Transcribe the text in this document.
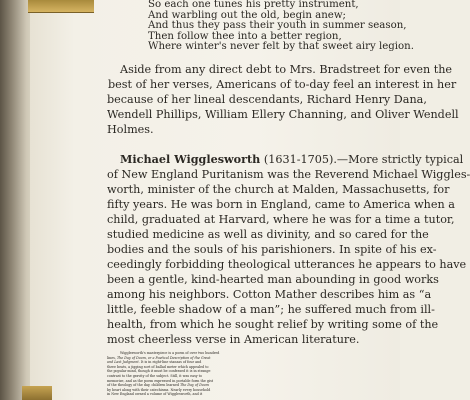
So each one tunes his pretty instrument,
And warbling out the old, begin anew;
And thus they pass their youth in summer season,
Then follow thee into a better region,
Where winter's never felt by that sweet airy legion.
Aside from any direct debt to Mrs. Bradstreet for even the
best of her verses, Americans of to-day feel an interest in her
because of her lineal descendants, Richard Henry Dana,
Wendell Phillips, William Ellery Channing, and Oliver Wendell
Holmes.
Michael Wigglesworth (1631-1705).—More strictly typical
of New England Puritanism was the Reverend Michael Wiggles-
worth, minister of the church at Malden, Massachusetts, for
fifty years. He was born in England, came to America when a
child, graduated at Harvard, where he was for a time a tutor,
studied medicine as well as divinity, and so cared for the
bodies and the souls of his parishioners. In spite of his ex-
ceedingly forbidding theological utterances he appears to have
been a gentle, kind-hearted man abounding in good works
among his neighbors. Cotton Mather describes him as “a
little, feeble shadow of a man”; he suffered much from ill-
health, from which he sought relief by writing some of the
most cheerless verse in American literature.
Wigglesworth's masterpiece is a poem of over two hundred
lines, The Day of Doom, or a Poetical Description of the Great
and Last Judgment. It is in eight-line stanzas of four and
three beats, a jigging sort of ballad meter which appealed to
the popular mind, though it must be confessed it is in strange
contrast to the gravity of the subject. Still, it was easy to
memorize, and as the poem expressed in portable form the gist
of the theology of the day, children learned The Day of Doom
by heart along with their catechisms. Nearly every household
in New England owned a volume of Wigglesworth, and it
